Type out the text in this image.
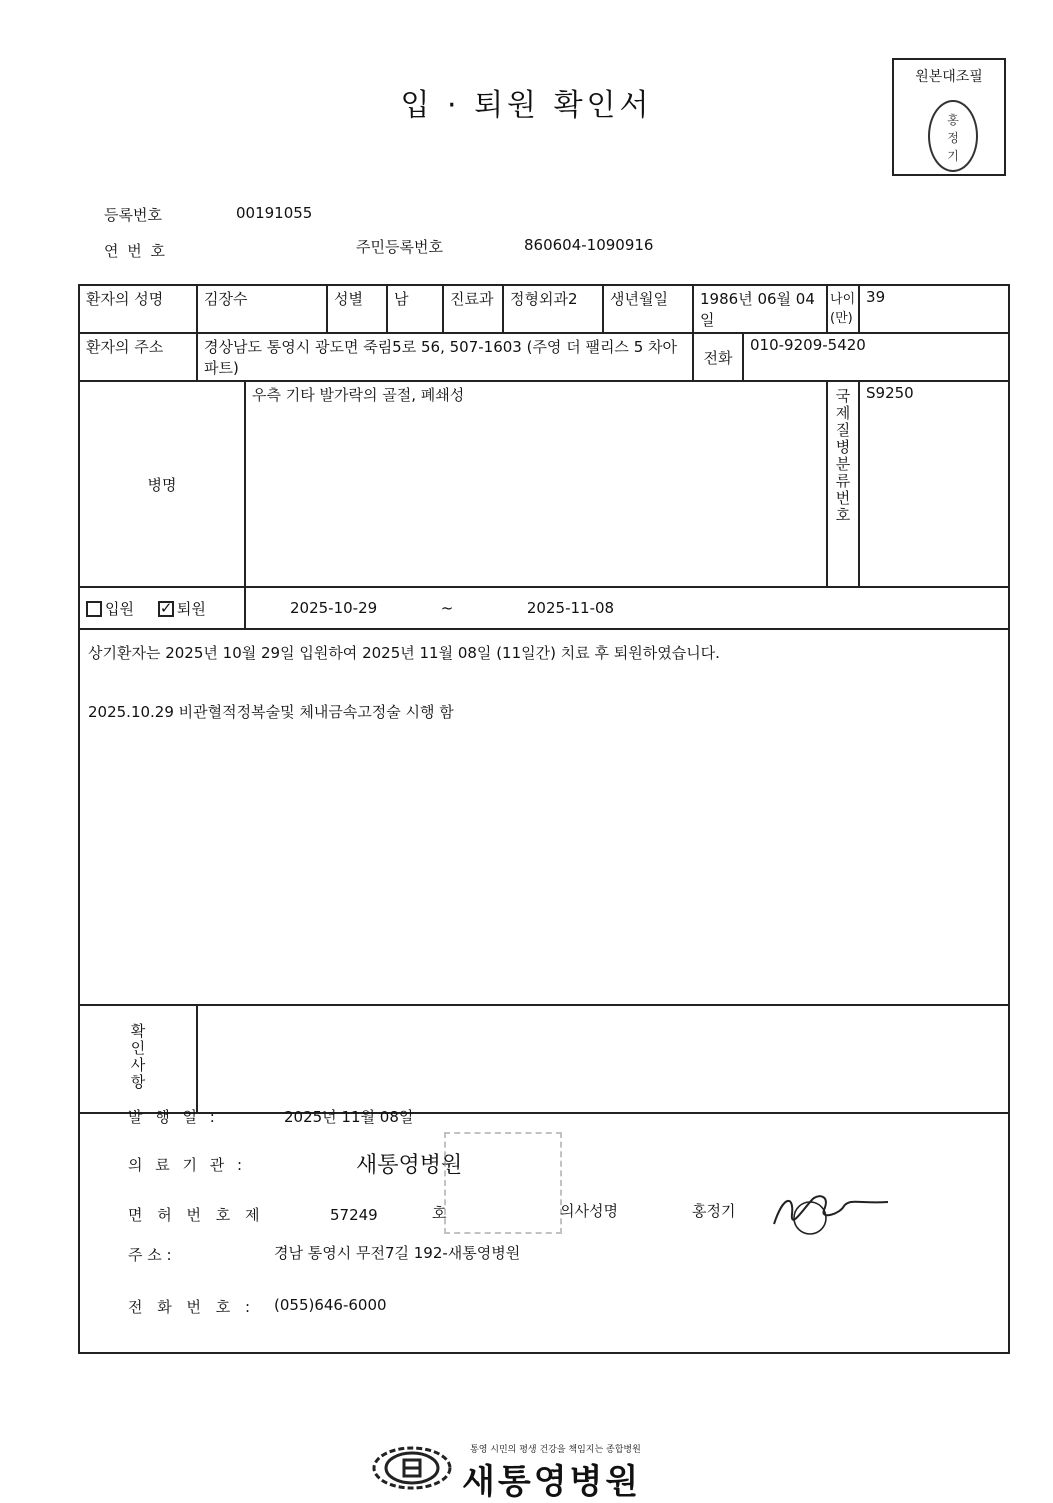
입 · 퇴원 확인서
원본대조필
홍
정
기
등록번호	00191055
연 번 호	주민등록번호	860604-1090916
환자의 성명	김장수		성별	남	진료과	정형외과2	생년월일	1986년 06월 04일		나이(만)	39
환자의 주소	경상남도 통영시 광도면 죽림5로 56, 507-1603 (주영 더 팰리스 5 차아파트)							전화	010-9209-5420		
병명		우측 기타 발가락의 골절, 폐쇄성								국제질병분류번호	S9250
입원 ✓ 퇴원		2025-10-29 ~ 2025-11-08									

상기환자는 2025년 10월 29일 입원하여 2025년 11월 08일 (11일간) 치료 후 퇴원하였습니다.
2025.10.29 비관혈적정복술및 체내금속고정술 시행 함											

확인사항											

발 행 일 :	2025년 11월 08일
의 료 기 관 :	새통영병원
면 허 번 호 제	57249	호	의사성명	홍정기
주 소 :	경남 통영시 무전7길 192-새통영병원
전 화 번 호 : (055)646-6000
통영 시민의 평생 건강을 책임지는 종합병원
새통영병원
